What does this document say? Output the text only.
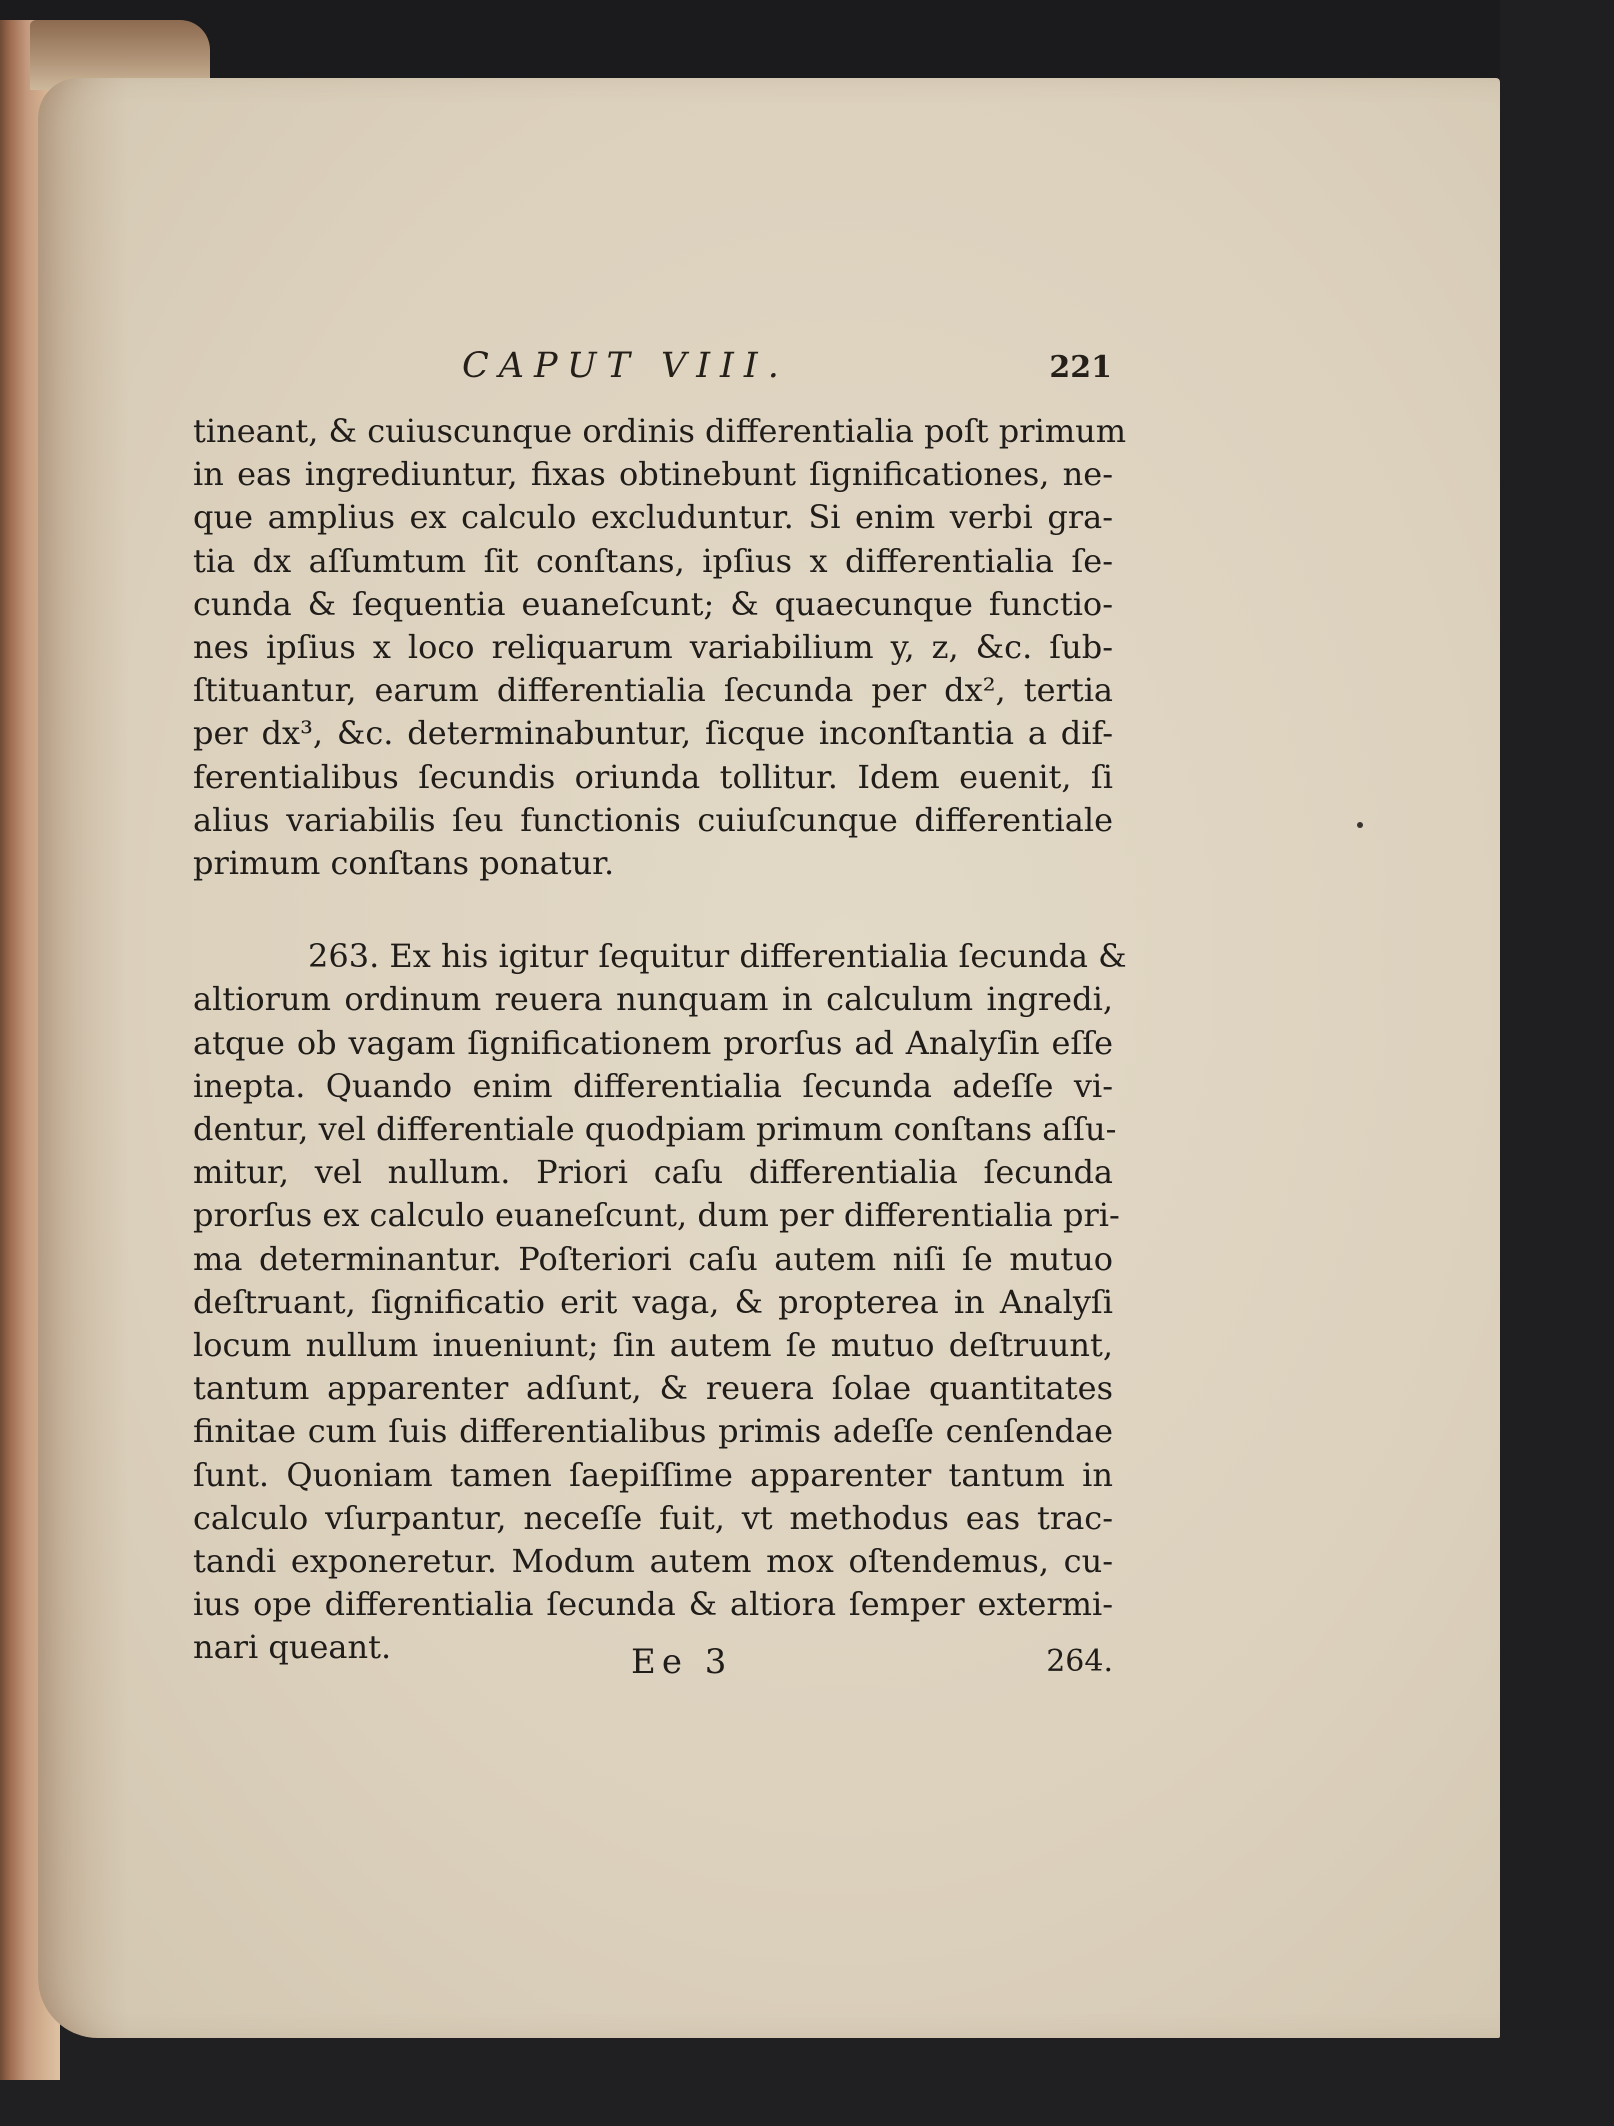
CAPUT VIII.	221
tineant, & cuiuscunque ordinis differentialia poſt primum
in eas ingrediuntur, fixas obtinebunt ſignificationes, ne-
que amplius ex calculo excluduntur. Si enim verbi gra-
tia dx aſſumtum ſit conſtans, ipſius x differentialia ſe-
cunda & ſequentia euaneſcunt; & quaecunque functio-
nes ipſius x loco reliquarum variabilium y, z, &c. ſub-
ſtituantur, earum differentialia ſecunda per dx², tertia
per dx³, &c. determinabuntur, ſicque inconſtantia a dif-
ferentialibus ſecundis oriunda tollitur. Idem euenit, ſi
alius variabilis ſeu functionis cuiuſcunque differentiale
primum conſtans ponatur.
263. Ex his igitur ſequitur differentialia ſecunda &
altiorum ordinum reuera nunquam in calculum ingredi,
atque ob vagam ſignificationem prorſus ad Analyſin eſſe
inepta. Quando enim differentialia ſecunda adeſſe vi-
dentur, vel differentiale quodpiam primum conſtans aſſu-
mitur, vel nullum. Priori caſu differentialia ſecunda
prorſus ex calculo euaneſcunt, dum per differentialia pri-
ma determinantur. Poſteriori caſu autem niſi ſe mutuo
deſtruant, ſignificatio erit vaga, & propterea in Analyſi
locum nullum inueniunt; ſin autem ſe mutuo deſtruunt,
tantum apparenter adſunt, & reuera ſolae quantitates
finitae cum ſuis differentialibus primis adeſſe cenſendae
ſunt. Quoniam tamen ſaepiſſime apparenter tantum in
calculo vſurpantur, neceſſe fuit, vt methodus eas trac-
tandi exponeretur. Modum autem mox oſtendemus, cu-
ius ope differentialia ſecunda & altiora ſemper extermi-
nari queant.	Ee 3	264.
